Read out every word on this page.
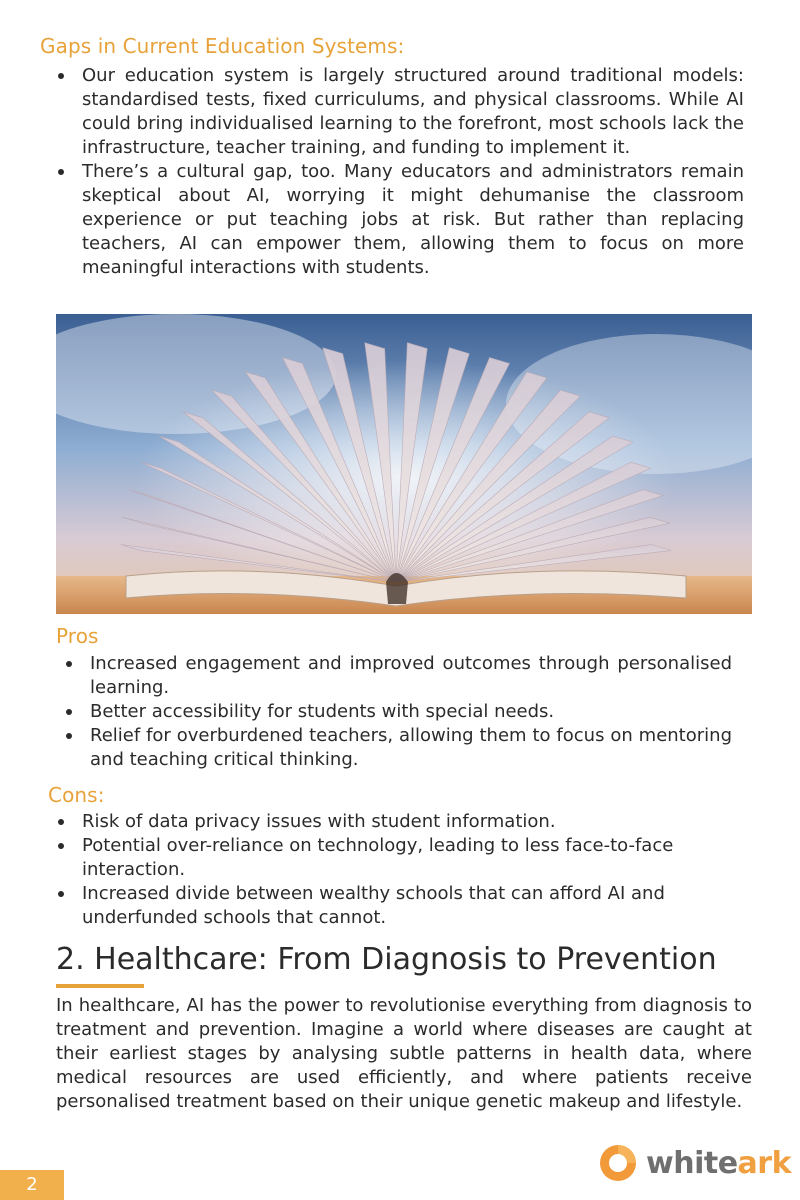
Gaps in Current Education Systems:
Our education system is largely structured around traditional models: standardised tests, fixed curriculums, and physical classrooms. While AI could bring individualised learning to the forefront, most schools lack the infrastructure, teacher training, and funding to implement it.
There’s a cultural gap, too. Many educators and administrators remain skeptical about AI, worrying it might dehumanise the classroom experience or put teaching jobs at risk. But rather than replacing teachers, AI can empower them, allowing them to focus on more meaningful interactions with students.
Pros
Increased engagement and improved outcomes through personalised learning.
Better accessibility for students with special needs.
Relief for overburdened teachers, allowing them to focus on mentoring and teaching critical thinking.
Cons:
Risk of data privacy issues with student information.
Potential over-reliance on technology, leading to less face-to-face interaction.
Increased divide between wealthy schools that can afford AI and underfunded schools that cannot.
2. Healthcare: From Diagnosis to Prevention

In healthcare, AI has the power to revolutionise everything from diagnosis to treatment and prevention. Imagine a world where diseases are caught at their earliest stages by analysing subtle patterns in health data, where medical resources are used efficiently, and where patients receive personalised treatment based on their unique genetic makeup and lifestyle.

2
whiteark
